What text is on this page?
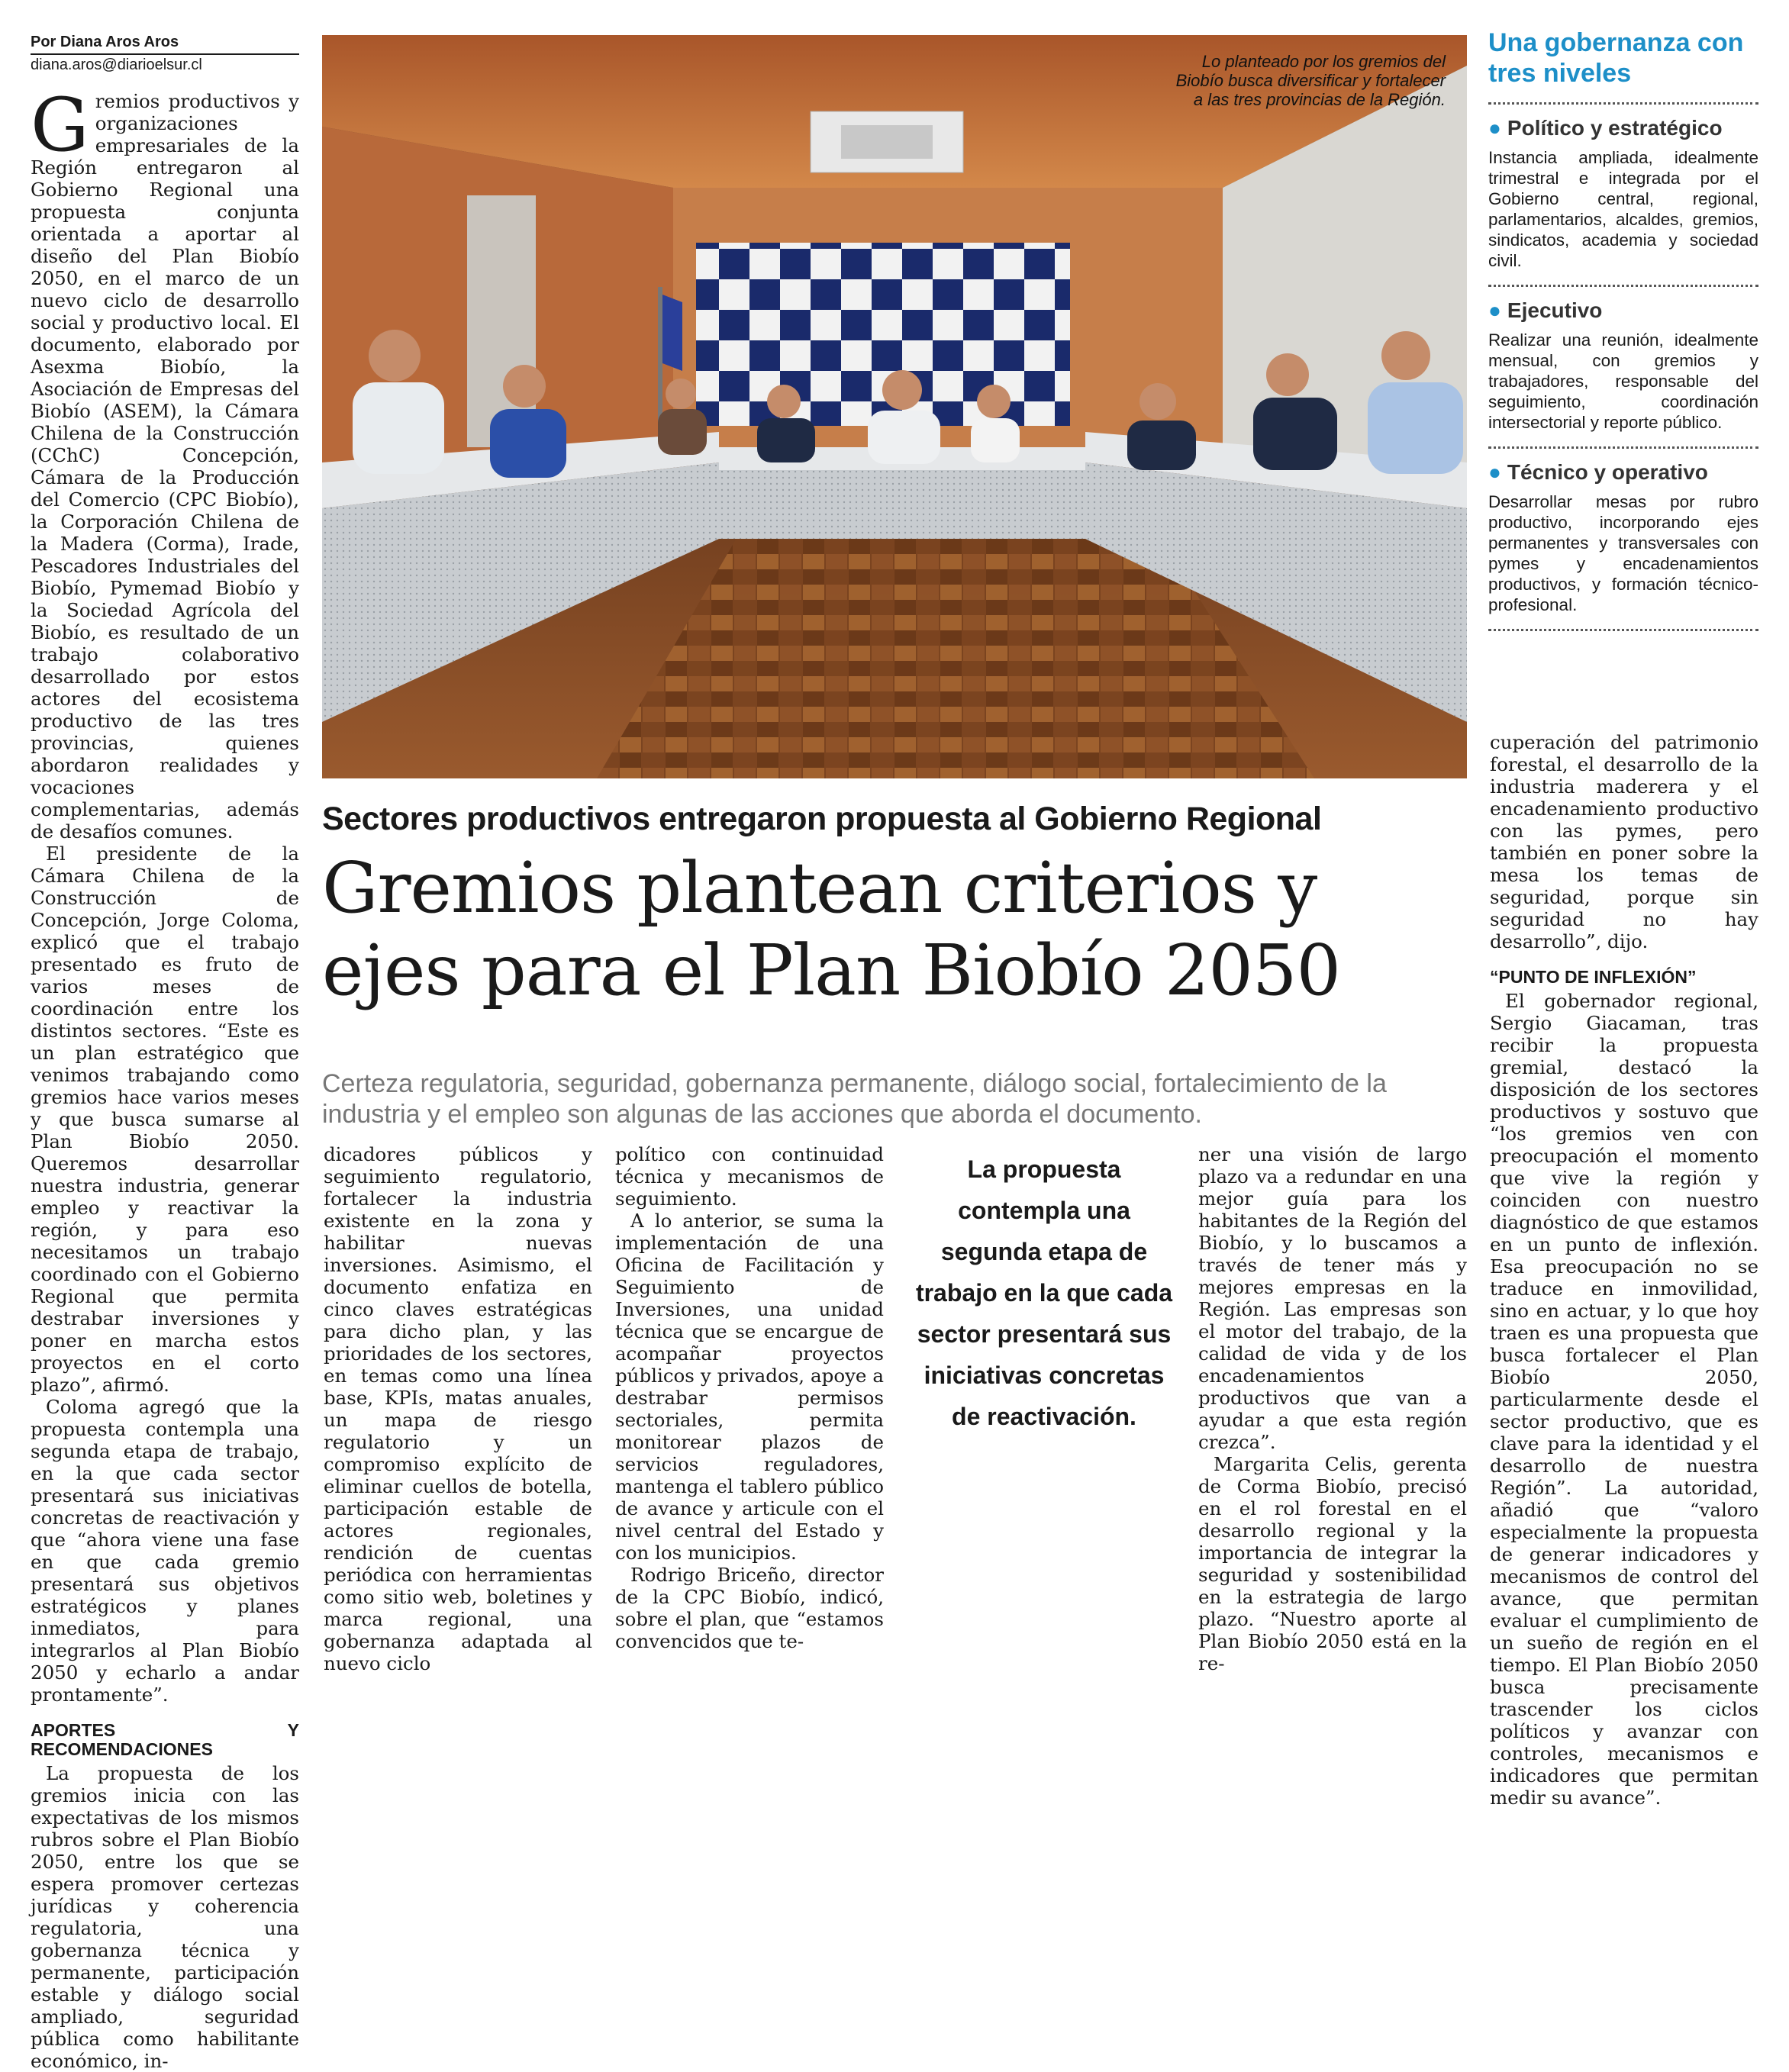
Por Diana Aros Aros
diana.aros@diarioelsur.cl

Gremios productivos y organizaciones empresariales de la Región entregaron al Gobierno Regional una propuesta conjunta orientada a aportar al diseño del Plan Biobío 2050, en el marco de un nuevo ciclo de desarrollo social y productivo local. El documento, elaborado por Asexma Biobío, la Asociación de Empresas del Biobío (ASEM), la Cámara Chilena de la Construcción (CChC) Concepción, Cámara de la Producción del Comercio (CPC Biobío), la Corporación Chilena de la Madera (Corma), Irade, Pescadores Industriales del Biobío, Pymemad Biobío y la Sociedad Agrícola del Biobío, es resultado de un trabajo colaborativo desarrollado por estos actores del ecosistema productivo de las tres provincias, quienes abordaron realidades y vocaciones complementarias, además de desafíos comunes.

El presidente de la Cámara Chilena de la Construcción de Concepción, Jorge Coloma, explicó que el trabajo presentado es fruto de varios meses de coordinación entre los distintos sectores. “Este es un plan estratégico que venimos trabajando como gremios hace varios meses y que busca sumarse al Plan Biobío 2050. Queremos desarrollar nuestra industria, generar empleo y reactivar la región, y para eso necesitamos un trabajo coordinado con el Gobierno Regional que permita destrabar inversiones y poner en marcha estos proyectos en el corto plazo”, afirmó.

Coloma agregó que la propuesta contempla una segunda etapa de trabajo, en la que cada sector presentará sus iniciativas concretas de reactivación y que “ahora viene una fase en que cada gremio presentará sus objetivos estratégicos y planes inmediatos, para integrarlos al Plan Biobío 2050 y echarlo a andar prontamente”.

APORTES Y RECOMENDACIONES

La propuesta de los gremios inicia con las expectativas de los mismos rubros sobre el Plan Biobío 2050, entre los que se espera promover certezas jurídicas y coherencia regulatoria, una gobernanza técnica y permanente, participación estable y diálogo social ampliado, seguridad pública como habilitante económico, in-

Lo planteado por los gremios del Biobío busca diversificar y fortalecer a las tres provincias de la Región.
Sectores productivos entregaron propuesta al Gobierno Regional
Gremios plantean criterios y ejes para el Plan Biobío 2050
Certeza regulatoria, seguridad, gobernanza permanente, diálogo social, fortalecimiento de la industria y el empleo son algunas de las acciones que aborda el documento.

dicadores públicos y seguimiento regulatorio, fortalecer la industria existente en la zona y habilitar nuevas inversiones. Asimismo, el documento enfatiza en cinco claves estratégicas para dicho plan, y las prioridades de los sectores, en temas como una línea base, KPIs, matas anuales, un mapa de riesgo regulatorio y un compromiso explícito de eliminar cuellos de botella, participación estable de actores regionales, rendición de cuentas periódica con herramientas como sitio web, boletines y marca regional, una gobernanza adaptada al nuevo ciclo

político con continuidad técnica y mecanismos de seguimiento.

A lo anterior, se suma la implementación de una Oficina de Facilitación y Seguimiento de Inversiones, una unidad técnica que se encargue de acompañar proyectos públicos y privados, apoye a destrabar permisos sectoriales, permita monitorear plazos de servicios reguladores, mantenga el tablero público de avance y articule con el nivel central del Estado y con los municipios.

Rodrigo Briceño, director de la CPC Biobío, indicó, sobre el plan, que “estamos convencidos que te-

La propuesta contempla una segunda etapa de trabajo en la que cada sector presentará sus iniciativas concretas de reactivación.

ner una visión de largo plazo va a redundar en una mejor guía para los habitantes de la Región del Biobío, y lo buscamos a través de tener más y mejores empresas en la Región. Las empresas son el motor del trabajo, de la calidad de vida y de los encadenamientos productivos que van a ayudar a que esta región crezca”.

Margarita Celis, gerenta de Corma Biobío, precisó en el rol forestal en el desarrollo regional y la importancia de integrar la seguridad y sostenibilidad en la estrategia de largo plazo. “Nuestro aporte al Plan Biobío 2050 está en la re-

Una gobernanza con tres niveles
● Político y estratégico
Instancia ampliada, idealmente trimestral e integrada por el Gobierno central, regional, parlamentarios, alcaldes, gremios, sindicatos, academia y sociedad civil.
● Ejecutivo
Realizar una reunión, idealmente mensual, con gremios y trabajadores, responsable del seguimiento, coordinación intersectorial y reporte público.
● Técnico y operativo
Desarrollar mesas por rubro productivo, incorporando ejes permanentes y transversales con pymes y encadenamientos productivos, y formación técnico-profesional.

cuperación del patrimonio forestal, el desarrollo de la industria maderera y el encadenamiento productivo con las pymes, pero también en poner sobre la mesa los temas de seguridad, porque sin seguridad no hay desarrollo”, dijo.

“PUNTO DE INFLEXIÓN”

El gobernador regional, Sergio Giacaman, tras recibir la propuesta gremial, destacó la disposición de los sectores productivos y sostuvo que “los gremios ven con preocupación el momento que vive la región y coinciden con nuestro diagnóstico de que estamos en un punto de inflexión. Esa preocupación no se traduce en inmovilidad, sino en actuar, y lo que hoy traen es una propuesta que busca fortalecer el Plan Biobío 2050, particularmente desde el sector productivo, que es clave para la identidad y el desarrollo de nuestra Región”. La autoridad, añadió que “valoro especialmente la propuesta de generar indicadores y mecanismos de control del avance, que permitan evaluar el cumplimiento de un sueño de región en el tiempo. El Plan Biobío 2050 busca precisamente trascender los ciclos políticos y avanzar con controles, mecanismos e indicadores que permitan medir su avance”.
